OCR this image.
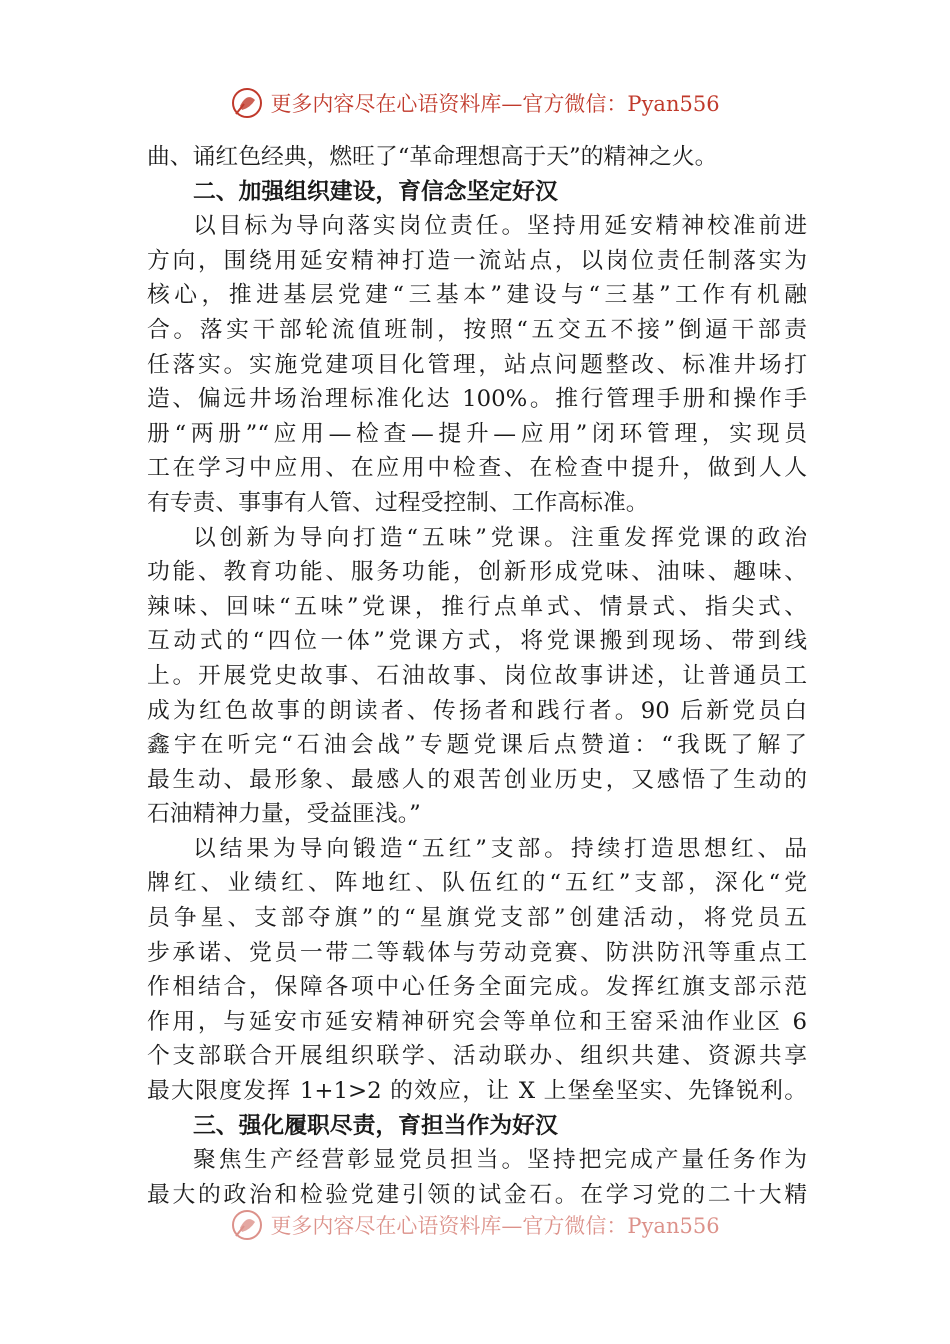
更多内容尽在心语资料库—官方微信：Pyan556
曲、诵红色经典，燃旺了“革命理想高于天”的精神之火。
二、加强组织建设，育信念坚定好汉
以目标为导向落实岗位责任。坚持用延安精神校准前进
方向，围绕用延安精神打造一流站点，以岗位责任制落实为
核心，推进基层党建“三基本”建设与“三基”工作有机融
合。落实干部轮流值班制，按照“五交五不接”倒逼干部责
任落实。实施党建项目化管理，站点问题整改、标准井场打
造、偏远井场治理标准化达 100%。推行管理手册和操作手
册“两册”“应用—检查—提升—应用”闭环管理，实现员
工在学习中应用、在应用中检查、在检查中提升，做到人人
有专责、事事有人管、过程受控制、工作高标准。
以创新为导向打造“五味”党课。注重发挥党课的政治
功能、教育功能、服务功能，创新形成党味、油味、趣味、
辣味、回味“五味”党课，推行点单式、情景式、指尖式、
互动式的“四位一体”党课方式，将党课搬到现场、带到线
上。开展党史故事、石油故事、岗位故事讲述，让普通员工
成为红色故事的朗读者、传扬者和践行者。90 后新党员白
鑫宇在听完“石油会战”专题党课后点赞道：“我既了解了
最生动、最形象、最感人的艰苦创业历史，又感悟了生动的
石油精神力量，受益匪浅。”
以结果为导向锻造“五红”支部。持续打造思想红、品
牌红、业绩红、阵地红、队伍红的“五红”支部，深化“党
员争星、支部夺旗”的“星旗党支部”创建活动，将党员五
步承诺、党员一带二等载体与劳动竞赛、防洪防汛等重点工
作相结合，保障各项中心任务全面完成。发挥红旗支部示范
作用，与延安市延安精神研究会等单位和王窑采油作业区 6
个支部联合开展组织联学、活动联办、组织共建、资源共享
最大限度发挥 1+1>2 的效应，让 X 上堡垒坚实、先锋锐利。
三、强化履职尽责，育担当作为好汉
聚焦生产经营彰显党员担当。坚持把完成产量任务作为
最大的政治和检验党建引领的试金石。在学习党的二十大精
更多内容尽在心语资料库—官方微信：Pyan556
